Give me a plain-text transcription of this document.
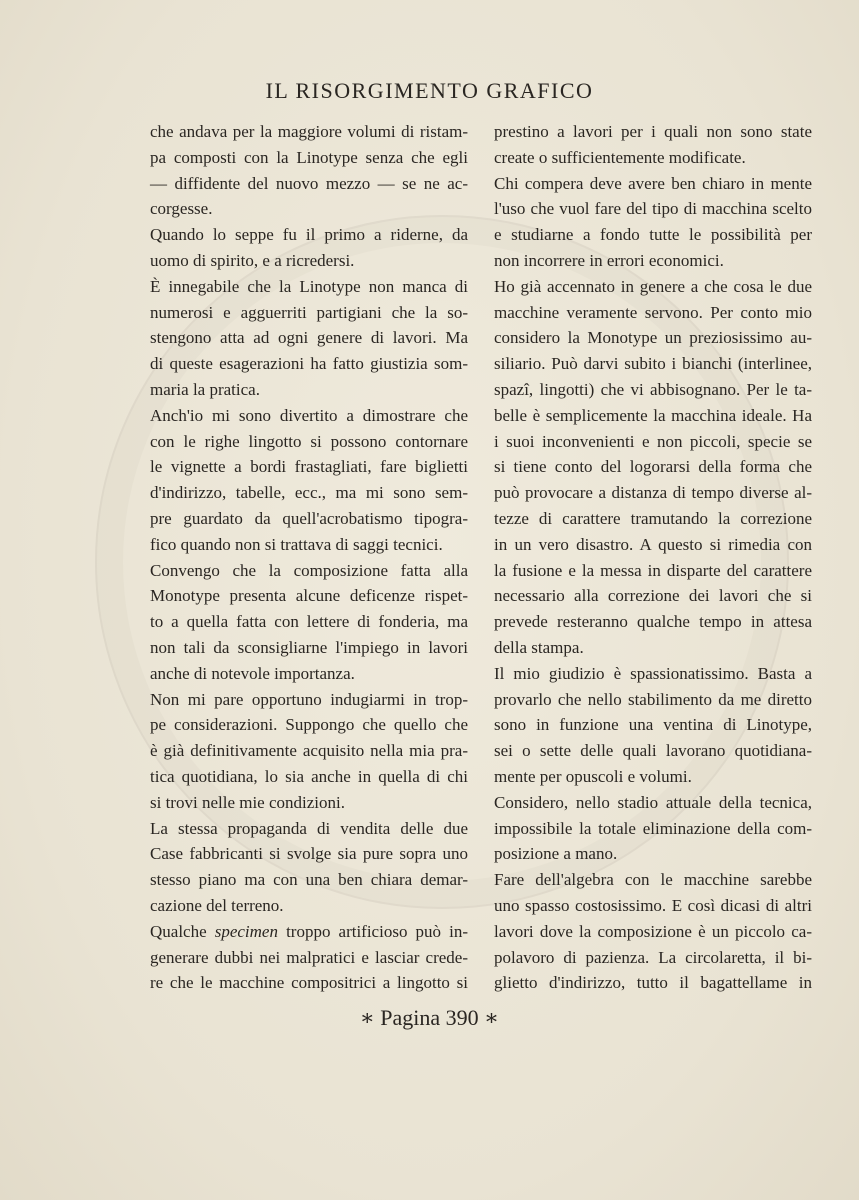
IL RISORGIMENTO GRAFICO

che andava per la maggiore volumi di ristam-

pa composti con la Linotype senza che egli

— diffidente del nuovo mezzo — se ne ac-

corgesse.

Quando lo seppe fu il primo a riderne, da

uomo di spirito, e a ricredersi.

È innegabile che la Linotype non manca di

numerosi e agguerriti partigiani che la so-

stengono atta ad ogni genere di lavori. Ma

di queste esagerazioni ha fatto giustizia som-

maria la pratica.

Anch'io mi sono divertito a dimostrare che

con le righe lingotto si possono contornare

le vignette a bordi frastagliati, fare biglietti

d'indirizzo, tabelle, ecc., ma mi sono sem-

pre guardato da quell'acrobatismo tipogra-

fico quando non si trattava di saggi tecnici.

Convengo che la composizione fatta alla

Monotype presenta alcune deficenze rispet-

to a quella fatta con lettere di fonderia, ma

non tali da sconsigliarne l'impiego in lavori

anche di notevole importanza.

Non mi pare opportuno indugiarmi in trop-

pe considerazioni. Suppongo che quello che

è già definitivamente acquisito nella mia pra-

tica quotidiana, lo sia anche in quella di chi

si trovi nelle mie condizioni.

La stessa propaganda di vendita delle due

Case fabbricanti si svolge sia pure sopra uno

stesso piano ma con una ben chiara demar-

cazione del terreno.

Qualche specimen troppo artificioso può in-

generare dubbi nei malpratici e lasciar crede-

re che le macchine compositrici a lingotto si

prestino a lavori per i quali non sono state

create o sufficientemente modificate.

Chi compera deve avere ben chiaro in mente

l'uso che vuol fare del tipo di macchina scelto

e studiarne a fondo tutte le possibilità per

non incorrere in errori economici.

Ho già accennato in genere a che cosa le due

macchine veramente servono. Per conto mio

considero la Monotype un preziosissimo au-

siliario. Può darvi subito i bianchi (interlinee,

spazî, lingotti) che vi abbisognano. Per le ta-

belle è semplicemente la macchina ideale. Ha

i suoi inconvenienti e non piccoli, specie se

si tiene conto del logorarsi della forma che

può provocare a distanza di tempo diverse al-

tezze di carattere tramutando la correzione

in un vero disastro. A questo si rimedia con

la fusione e la messa in disparte del carattere

necessario alla correzione dei lavori che si

prevede resteranno qualche tempo in attesa

della stampa.

Il mio giudizio è spassionatissimo. Basta a

provarlo che nello stabilimento da me diretto

sono in funzione una ventina di Linotype,

sei o sette delle quali lavorano quotidiana-

mente per opuscoli e volumi.

Considero, nello stadio attuale della tecnica,

impossibile la totale eliminazione della com-

posizione a mano.

Fare dell'algebra con le macchine sarebbe

uno spasso costosissimo. E così dicasi di altri

lavori dove la composizione è un piccolo ca-

polavoro di pazienza. La circolaretta, il bi-

glietto d'indirizzo, tutto il bagattellame in

∗ Pagina 390 ∗
